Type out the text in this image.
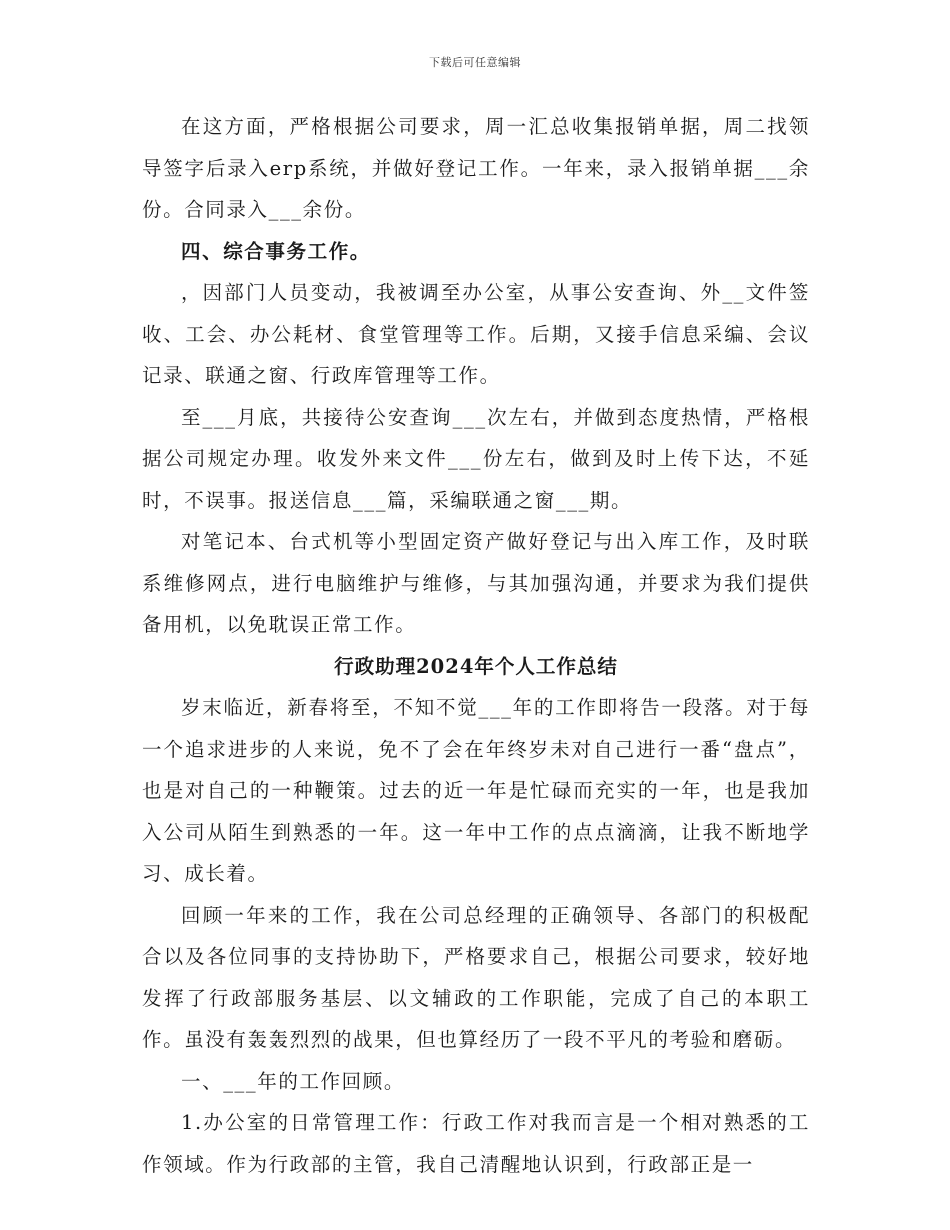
下载后可任意编辑

在这方面，严格根据公司要求，周一汇总收集报销单据，周二找领导签字后录入erp系统，并做好登记工作。一年来，录入报销单据___余份。合同录入___余份。

四、综合事务工作。

，因部门人员变动，我被调至办公室，从事公安查询、外__文件签收、工会、办公耗材、食堂管理等工作。后期，又接手信息采编、会议记录、联通之窗、行政库管理等工作。

至___月底，共接待公安查询___次左右，并做到态度热情，严格根据公司规定办理。收发外来文件___份左右，做到及时上传下达，不延时，不误事。报送信息___篇，采编联通之窗___期。

对笔记本、台式机等小型固定资产做好登记与出入库工作，及时联系维修网点，进行电脑维护与维修，与其加强沟通，并要求为我们提供备用机，以免耽误正常工作。

行政助理2024年个人工作总结

岁末临近，新春将至，不知不觉___年的工作即将告一段落。对于每一个追求进步的人来说，免不了会在年终岁未对自己进行一番“盘点”，也是对自己的一种鞭策。过去的近一年是忙碌而充实的一年，也是我加入公司从陌生到熟悉的一年。这一年中工作的点点滴滴，让我不断地学习、成长着。

回顾一年来的工作，我在公司总经理的正确领导、各部门的积极配合以及各位同事的支持协助下，严格要求自己，根据公司要求，较好地发挥了行政部服务基层、以文辅政的工作职能，完成了自己的本职工作。虽没有轰轰烈烈的战果，但也算经历了一段不平凡的考验和磨砺。

一、___年的工作回顾。

1.办公室的日常管理工作：行政工作对我而言是一个相对熟悉的工作领域。作为行政部的主管，我自己清醒地认识到，行政部正是一
